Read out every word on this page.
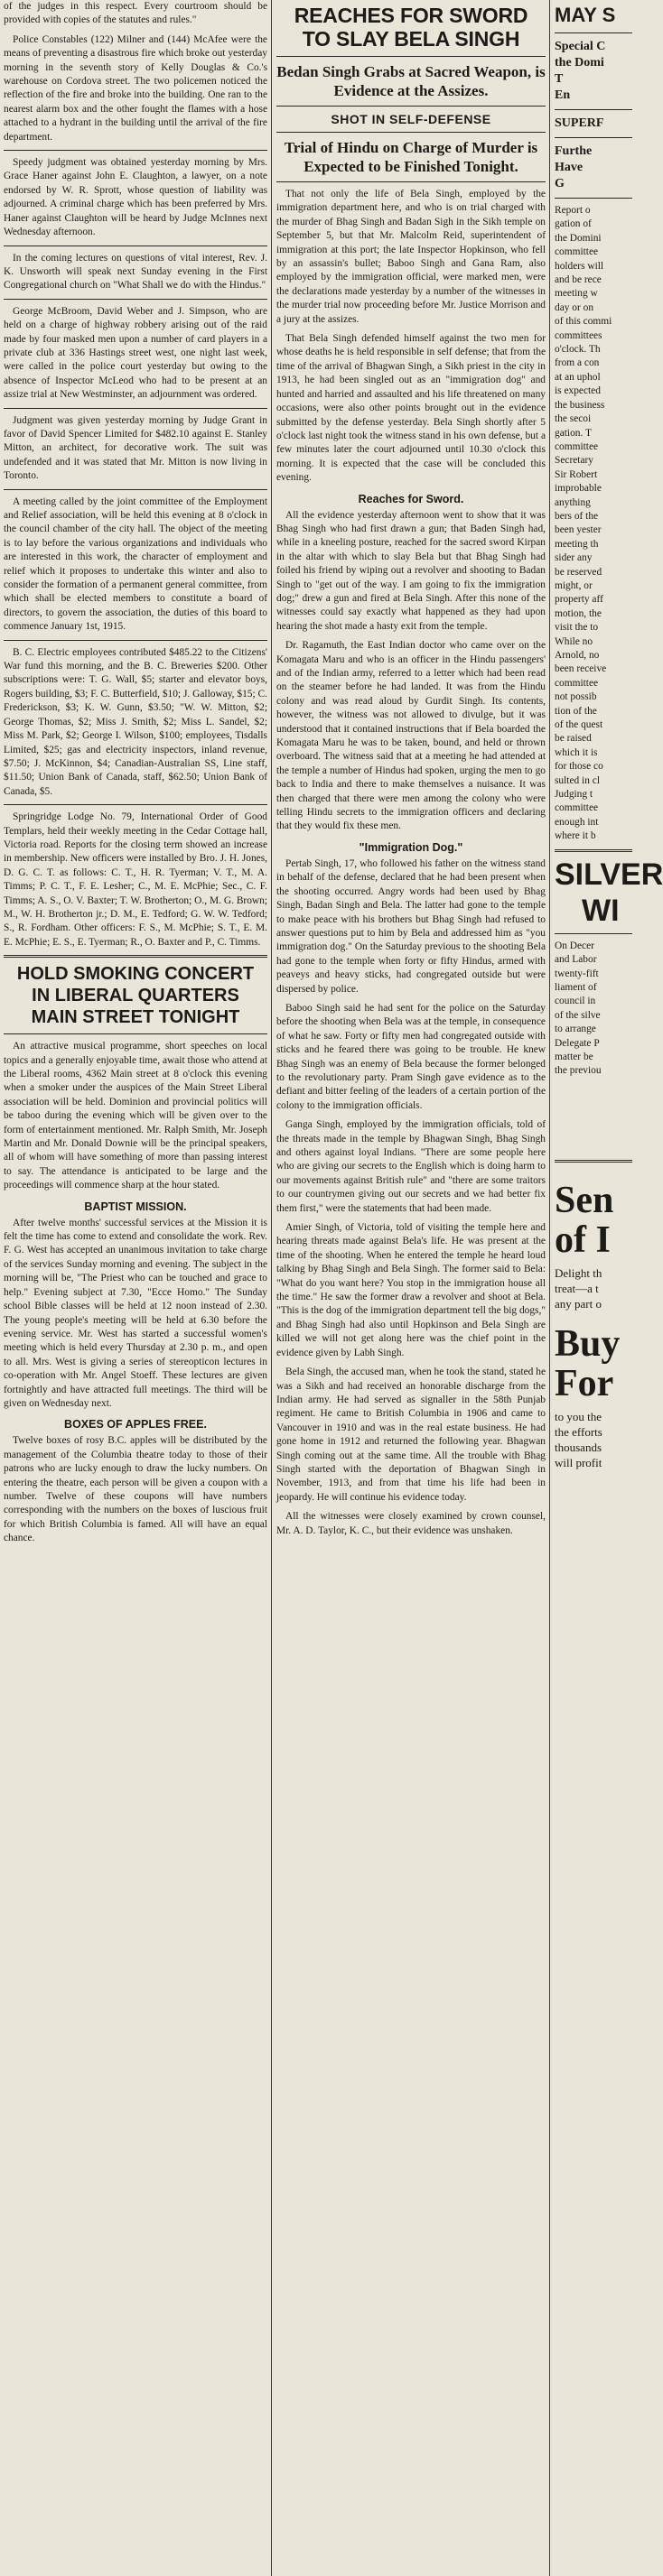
of the judges in this respect. Every courtroom should be provided with copies of the statutes and rules."

Police Constables (122) Milner and (144) McAfee were the means of preventing a disastrous fire which broke out yesterday morning in the seventh story of Kelly Douglas & Co.'s warehouse on Cordova street. The two policemen noticed the reflection of the fire and broke into the building. One ran to the nearest alarm box and the other fought the flames with a hose attached to a hydrant in the building until the arrival of the fire department.

Speedy judgment was obtained yesterday morning by Mrs. Grace Haner against John E. Claughton, a lawyer, on a note endorsed by W. R. Sprott, whose question of liability was adjourned. A criminal charge which has been preferred by Mrs. Haner against Claughton will be heard by Judge McInnes next Wednesday afternoon.

In the coming lectures on questions of vital interest, Rev. J. K. Unsworth will speak next Sunday evening in the First Congregational church on "What Shall we do with the Hindus."

George McBroom, David Weber and J. Simpson, who are held on a charge of highway robbery arising out of the raid made by four masked men upon a number of card players in a private club at 336 Hastings street west, one night last week, were called in the police court yesterday but owing to the absence of Inspector McLeod who had to be present at an assize trial at New Westminster, an adjournment was ordered.

Judgment was given yesterday morning by Judge Grant in favor of David Spencer Limited for $482.10 against E. Stanley Mitton, an architect, for decorative work. The suit was undefended and it was stated that Mr. Mitton is now living in Toronto.

A meeting called by the joint committee of the Employment and Relief association, will be held this evening at 8 o'clock in the council chamber of the city hall. The object of the meeting is to lay before the various organizations and individuals who are interested in this work, the character of employment and relief which it proposes to undertake this winter and also to consider the formation of a permanent general committee, from which shall be elected members to constitute a board of directors, to govern the association, the duties of this board to commence January 1st, 1915.

B. C. Electric employees contributed $485.22 to the Citizens' War fund this morning, and the B. C. Breweries $200. Other subscriptions were: T. G. Wall, $5; starter and elevator boys, Rogers building, $3; F. C. Butterfield, $10; J. Galloway, $15; C. Frederickson, $3; K. W. Gunn, $3.50; "W. W. Mitton, $2; George Thomas, $2; Miss J. Smith, $2; Miss L. Sandel, $2; Miss M. Park, $2; George I. Wilson, $100; employees, Tisdalls Limited, $25; gas and electricity inspectors, inland revenue, $7.50; J. McKinnon, $4; Canadian-Australian SS, Line staff, $11.50; Union Bank of Canada, staff, $62.50; Union Bank of Canada, $5.

Springridge Lodge No. 79, International Order of Good Templars, held their weekly meeting in the Cedar Cottage hall, Victoria road. Reports for the closing term showed an increase in membership. New officers were installed by Bro. J. H. Jones, D. G. C. T. as follows: C. T., H. R. Tyerman; V. T., M. A. Timms; P. C. T., F. E. Lesher; C., M. E. McPhie; Sec., C. F. Timms; A. S., O. V. Baxter; T. W. Brotherton; O., M. G. Brown; M., W. H. Brotherton jr.; D. M., E. Tedford; G. W. W. Tedford; S., R. Fordham. Other officers: F. S., M. McPhie; S. T., E. M. E. McPhie; E. S., E. Tyerman; R., O. Baxter and P., C. Timms.

HOLD SMOKING CONCERT
IN LIBERAL QUARTERS
MAIN STREET TONIGHT

An attractive musical programme, short speeches on local topics and a generally enjoyable time, await those who attend at the Liberal rooms, 4362 Main street at 8 o'clock this evening when a smoker under the auspices of the Main Street Liberal association will be held. Dominion and provincial politics will be taboo during the evening which will be given over to the form of entertainment mentioned. Mr. Ralph Smith, Mr. Joseph Martin and Mr. Donald Downie will be the principal speakers, all of whom will have something of more than passing interest to say. The attendance is anticipated to be large and the proceedings will commence sharp at the hour stated.

BAPTIST MISSION.

After twelve months' successful services at the Mission it is felt the time has come to extend and consolidate the work. Rev. F. G. West has accepted an unanimous invitation to take charge of the services Sunday morning and evening. The subject in the morning will be, "The Priest who can be touched and grace to help." Evening subject at 7.30, "Ecce Homo." The Sunday school Bible classes will be held at 12 noon instead of 2.30. The young people's meeting will be held at 6.30 before the evening service. Mr. West has started a successful women's meeting which is held every Thursday at 2.30 p. m., and open to all. Mrs. West is giving a series of stereopticon lectures in co-operation with Mr. Angel Stoeff. These lectures are given fortnightly and have attracted full meetings. The third will be given on Wednesday next.

BOXES OF APPLES FREE.

Twelve boxes of rosy B.C. apples will be distributed by the management of the Columbia theatre today to those of their patrons who are lucky enough to draw the lucky numbers. On entering the theatre, each person will be given a coupon with a number. Twelve of these coupons will have numbers corresponding with the numbers on the boxes of luscious fruit for which British Columbia is famed. All will have an equal chance.

REACHES FOR SWORD
TO SLAY BELA SINGH
Bedan Singh Grabs at Sacred Weapon, is Evidence at the Assizes.
SHOT IN SELF-DEFENSE
Trial of Hindu on Charge of Murder is Expected to be Finished Tonight.

That not only the life of Bela Singh, employed by the immigration department here, and who is on trial charged with the murder of Bhag Singh and Badan Sigh in the Sikh temple on September 5, but that Mr. Malcolm Reid, superintendent of immigration at this port; the late Inspector Hopkinson, who fell by an assassin's bullet; Baboo Singh and Gana Ram, also employed by the immigration official, were marked men, were the declarations made yesterday by a number of the witnesses in the murder trial now proceeding before Mr. Justice Morrison and a jury at the assizes.

That Bela Singh defended himself against the two men for whose deaths he is held responsible in self defense; that from the time of the arrival of Bhagwan Singh, a Sikh priest in the city in 1913, he had been singled out as an "immigration dog" and hunted and harried and assaulted and his life threatened on many occasions, were also other points brought out in the evidence submitted by the defense yesterday. Bela Singh shortly after 5 o'clock last night took the witness stand in his own defense, but a few minutes later the court adjourned until 10.30 o'clock this morning. It is expected that the case will be concluded this evening.

Reaches for Sword.

All the evidence yesterday afternoon went to show that it was Bhag Singh who had first drawn a gun; that Baden Singh had, while in a kneeling posture, reached for the sacred sword Kirpan in the altar with which to slay Bela but that Bhag Singh had foiled his friend by wiping out a revolver and shooting to Badan Singh to "get out of the way. I am going to fix the immigration dog;" drew a gun and fired at Bela Singh. After this none of the witnesses could say exactly what happened as they had upon hearing the shot made a hasty exit from the temple.

Dr. Ragamuth, the East Indian doctor who came over on the Komagata Maru and who is an officer in the Hindu passengers' and of the Indian army, referred to a letter which had been read on the steamer before he had landed. It was from the Hindu colony and was read aloud by Gurdit Singh. Its contents, however, the witness was not allowed to divulge, but it was understood that it contained instructions that if Bela boarded the Komagata Maru he was to be taken, bound, and held or thrown overboard. The witness said that at a meeting he had attended at the temple a number of Hindus had spoken, urging the men to go back to India and there to make themselves a nuisance. It was then charged that there were men among the colony who were telling Hindu secrets to the immigration officers and declaring that they would fix these men.

"Immigration Dog."

Pertab Singh, 17, who followed his father on the witness stand in behalf of the defense, declared that he had been present when the shooting occurred. Angry words had been used by Bhag Singh, Badan Singh and Bela. The latter had gone to the temple to make peace with his brothers but Bhag Singh had refused to answer questions put to him by Bela and addressed him as "you immigration dog." On the Saturday previous to the shooting Bela had gone to the temple when forty or fifty Hindus, armed with peaveys and heavy sticks, had congregated outside but were dispersed by police.

Baboo Singh said he had sent for the police on the Saturday before the shooting when Bela was at the temple, in consequence of what he saw. Forty or fifty men had congregated outside with sticks and he feared there was going to be trouble. He knew Bhag Singh was an enemy of Bela because the former belonged to the revolutionary party. Pram Singh gave evidence as to the defiant and bitter feeling of the leaders of a certain portion of the colony to the immigration officials.

Ganga Singh, employed by the immigration officials, told of the threats made in the temple by Bhagwan Singh, Bhag Singh and others against loyal Indians. "There are some people here who are giving our secrets to the English which is doing harm to our movements against British rule" and "there are some traitors to our countrymen giving out our secrets and we had better fix them first," were the statements that had been made.

Amier Singh, of Victoria, told of visiting the temple here and hearing threats made against Bela's life. He was present at the time of the shooting. When he entered the temple he heard loud talking by Bhag Singh and Bela Singh. The former said to Bela: "What do you want here? You stop in the immigration house all the time." He saw the former draw a revolver and shoot at Bela. "This is the dog of the immigration department tell the big dogs," and Bhag Singh had also until Hopkinson and Bela Singh are killed we will not get along here was the chief point in the evidence given by Labh Singh.

Bela Singh, the accused man, when he took the stand, stated he was a Sikh and had received an honorable discharge from the Indian army. He had served as signaller in the 58th Punjab regiment. He came to British Columbia in 1906 and came to Vancouver in 1910 and was in the real estate business. He had gone home in 1912 and returned the following year. Bhagwan Singh coming out at the same time. All the trouble with Bhag Singh started with the deportation of Bhagwan Singh in November, 1913, and from that time his life had been in jeopardy. He will continue his evidence today.

All the witnesses were closely examined by crown counsel, Mr. A. D. Taylor, K. C., but their evidence was unshaken.

MAY S
Special C
the Domi
T
En
SUPERF
Furthe
Have
G
Report o
gation of
the Domini
committee
holders will
and be rece
meeting w
day or on
of this commi
committees
o'clock. Th
from a con
at an uphol
is expected
the business
the secoi
gation. T
committee
Secretary
Sir Robert
improbable
anything
bers of the
been yester
meeting th
sider any
be reserved
might, or
property aff
motion, the
visit the to
While no
Arnold, no
been receive
committee
not possib
tion of the
of the quest
be raised
which it is
for those co
sulted in cl
Judging t
committee
enough int
where it b
SILVER
WI
On Decer
and Labor
twenty-fift
liament of
council in
of the silve
to arrange
Delegate P
matter be
the previou
Sen
of I
Delight th
treat—a t
any part o
Buy
For
to you the
the efforts
thousands
will profit
